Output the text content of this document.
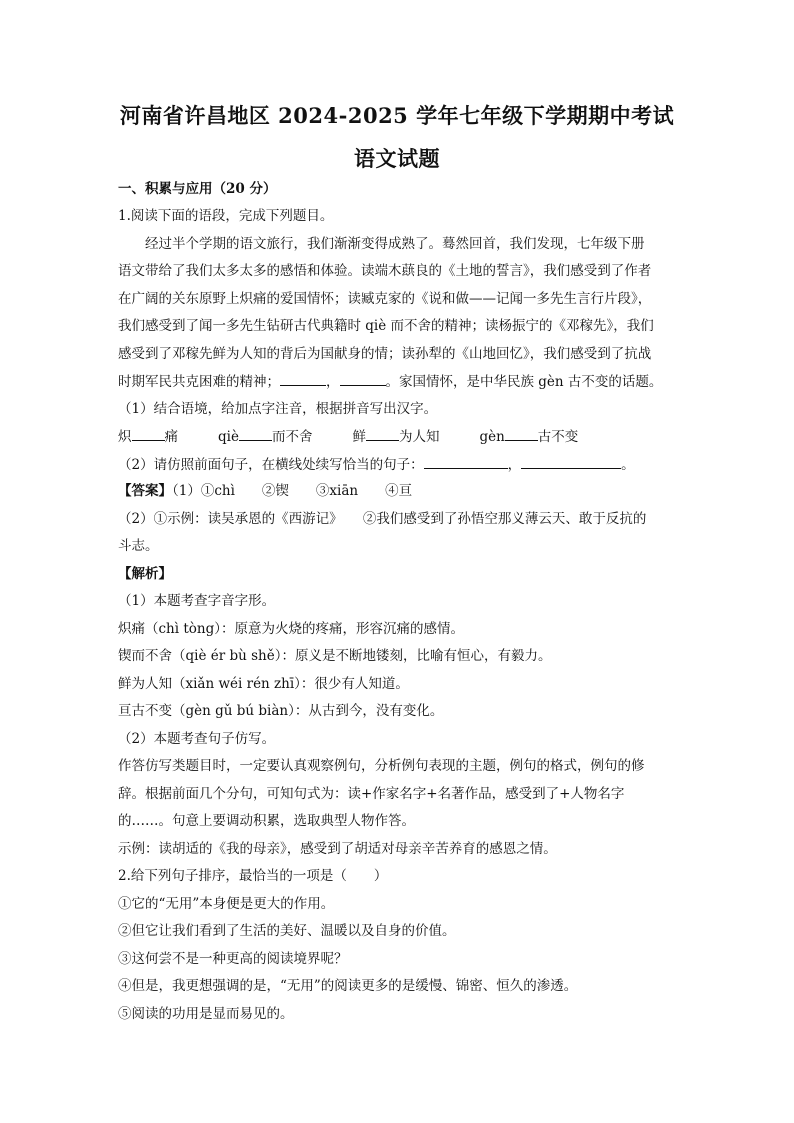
河南省许昌地区 2024-2025 学年七年级下学期期中考试
语文试题
一、积累与应用（20 分）
1.阅读下面的语段，完成下列题目。
经过半个学期的语文旅行，我们渐渐变得成熟了。蓦然回首，我们发现，七年级下册
语文带给了我们太多太多的感悟和体验。读端木蕻良的《土地的誓言》，我们感受到了作者
在广阔的关东原野上炽痛的爱国情怀；读臧克家的《说和做——记闻一多先生言行片段》，
我们感受到了闻一多先生钻研古代典籍时 qiè 而不舍的精神；读杨振宁的《邓稼先》，我们
感受到了邓稼先鲜为人知的背后为国献身的情；读孙犁的《山地回忆》，我们感受到了抗战
时期军民共克困难的精神；	，	。家国情怀，是中华民族 gèn 古不变的话题。
（1）结合语境，给加点字注音，根据拼音写出汉字。
炽 痛	qiè 而不舍	鲜 为人知	gèn 古不变
（2）请仿照前面句子，在横线处续写恰当的句子：	，	。
【答案】（1）①chì　　②锲　　③xiān　　④亘
（2）①示例：读吴承恩的《西游记》　　②我们感受到了孙悟空那义薄云天、敢于反抗的
斗志。
【解析】
（1）本题考查字音字形。
炽痛（chì tòng）：原意为火烧的疼痛，形容沉痛的感情。
锲而不舍（qiè ér bù shě）：原义是不断地镂刻，比喻有恒心，有毅力。
鲜为人知（xiǎn wéi rén zhī）：很少有人知道。
亘古不变（gèn gǔ bú biàn）：从古到今，没有变化。
（2）本题考查句子仿写。
作答仿写类题目时，一定要认真观察例句，分析例句表现的主题，例句的格式，例句的修
辞。根据前面几个分句，可知句式为：读+作家名字+名著作品，感受到了+人物名字
的……。句意上要调动积累，选取典型人物作答。
示例：读胡适的《我的母亲》，感受到了胡适对母亲辛苦养育的感恩之情。
2.给下列句子排序，最恰当的一项是（　　）
①它的“无用”本身便是更大的作用。
②但它让我们看到了生活的美好、温暖以及自身的价值。
③这何尝不是一种更高的阅读境界呢？
④但是，我更想强调的是，“无用”的阅读更多的是缓慢、锦密、恒久的渗透。
⑤阅读的功用是显而易见的。
